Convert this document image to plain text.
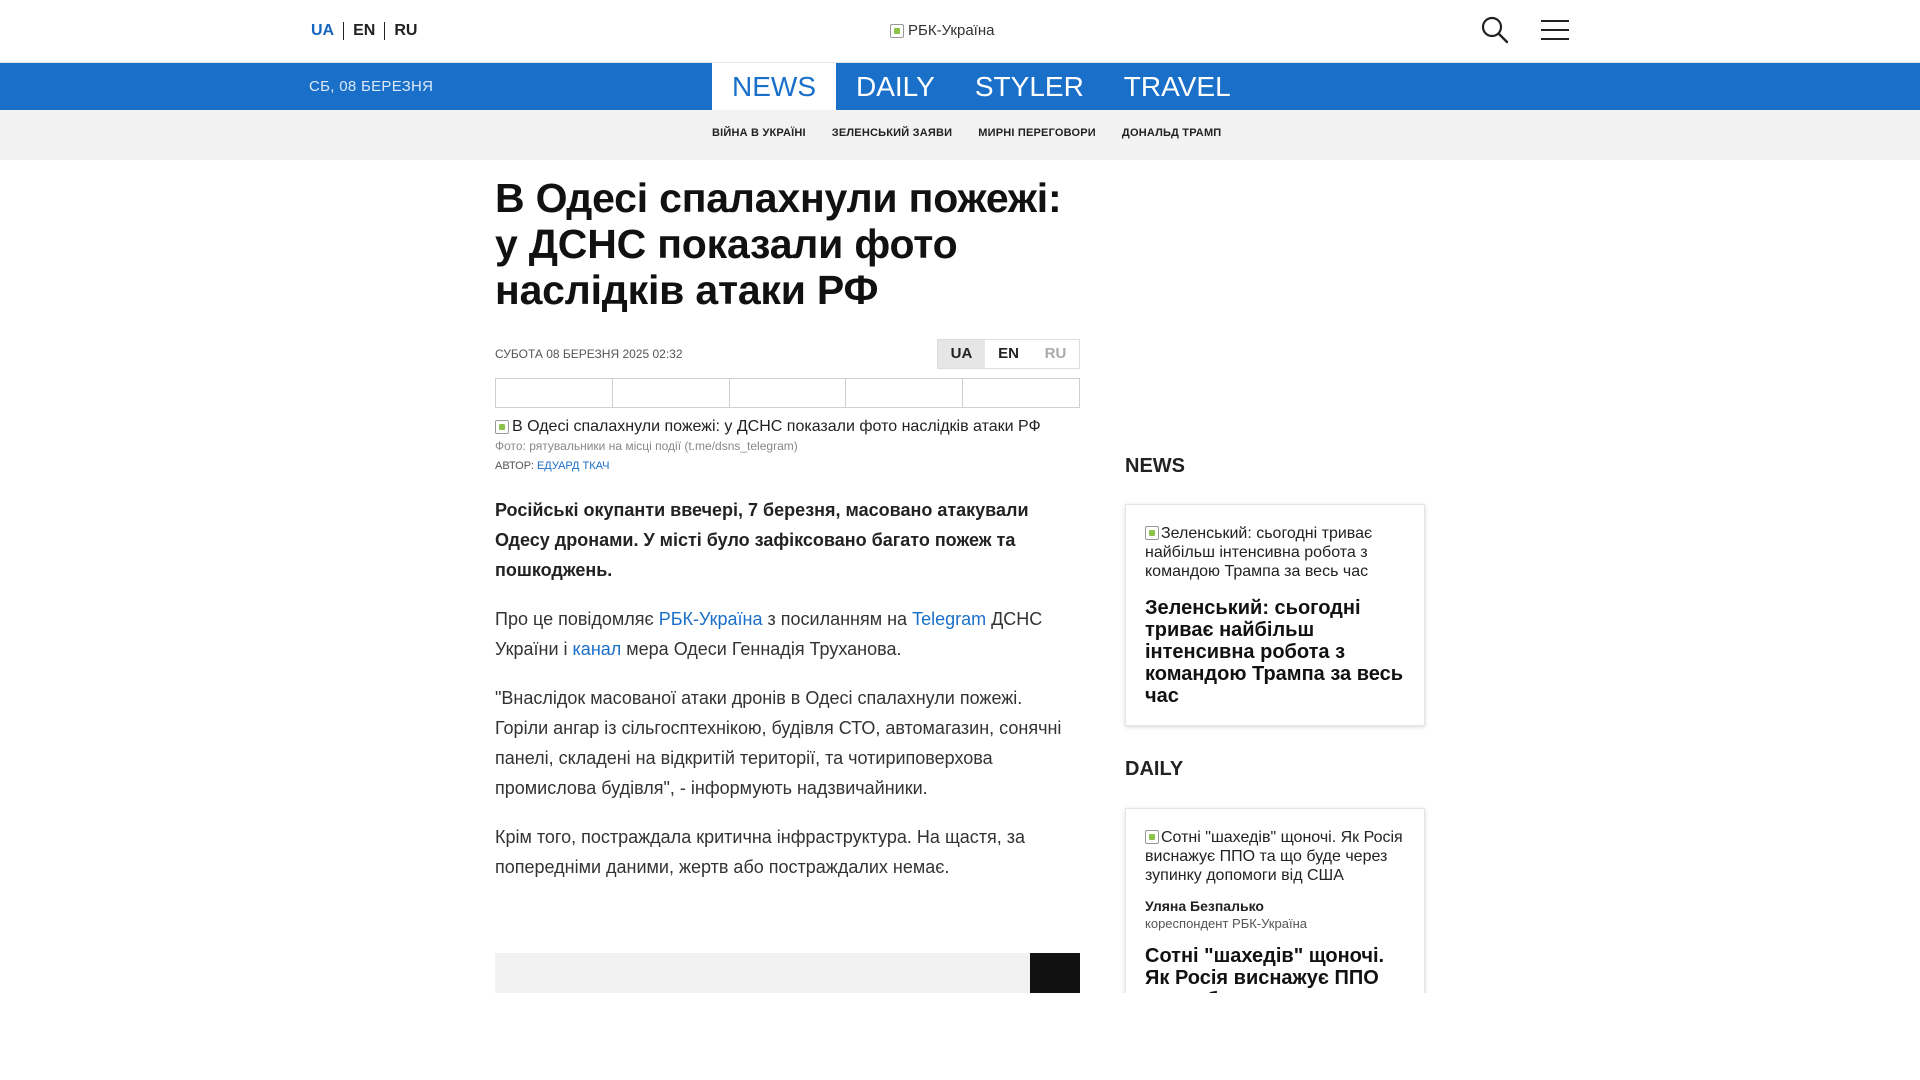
UA	EN	RU	РБК-Україна
СБ, 08 БЕРЕЗНЯ	NEWS	DAILY	STYLER	TRAVEL
ВІЙНА В УКРАЇНІ ЗЕЛЕНСЬКИЙ ЗАЯВИ МИРНІ ПЕРЕГОВОРИ ДОНАЛЬД ТРАМП
В Одесі спалахнули пожежі: у ДСНС показали фото наслідків атаки РФ
СУБОТА 08 БЕРЕЗНЯ 2025 02:32	UA	EN	RU
В Одесі спалахнули пожежі: у ДСНС показали фото наслідків атаки РФ
Фото: рятувальники на місці події (t.me/dsns_telegram)
АВТОР: ЕДУАРД ТКАЧ

Російські окупанти ввечері, 7 березня, масовано атакували Одесу дронами. У місті було зафіксовано багато пожеж та пошкоджень.

Про це повідомляє РБК-Україна з посиланням на Telegram ДСНС України і канал мера Одеси Геннадія Труханова.

"Внаслідок масованої атаки дронів в Одесі спалахнули пожежі. Горіли ангар із сільгосптехнікою, будівля СТО, автомагазин, сонячні панелі, складені на відкритій території, та чотириповерхова промислова будівля", - інформують надзвичайники.

Крім того, постраждала критична інфраструктура. На щастя, за попередніми даними, жертв або постраждалих немає.

NEWS
Зеленський: сьогодні триває найбільш інтенсивна робота з командою Трампа за весь час
Зеленський: сьогодні триває найбільш інтенсивна робота з командою Трампа за весь час
DAILY
Сотні "шахедів" щоночі. Як Росія виснажує ППО та що буде через зупинку допомоги від США
Уляна Безпалько
кореспондент РБК-Україна
Сотні "шахедів" щоночі. Як Росія виснажує ППО
